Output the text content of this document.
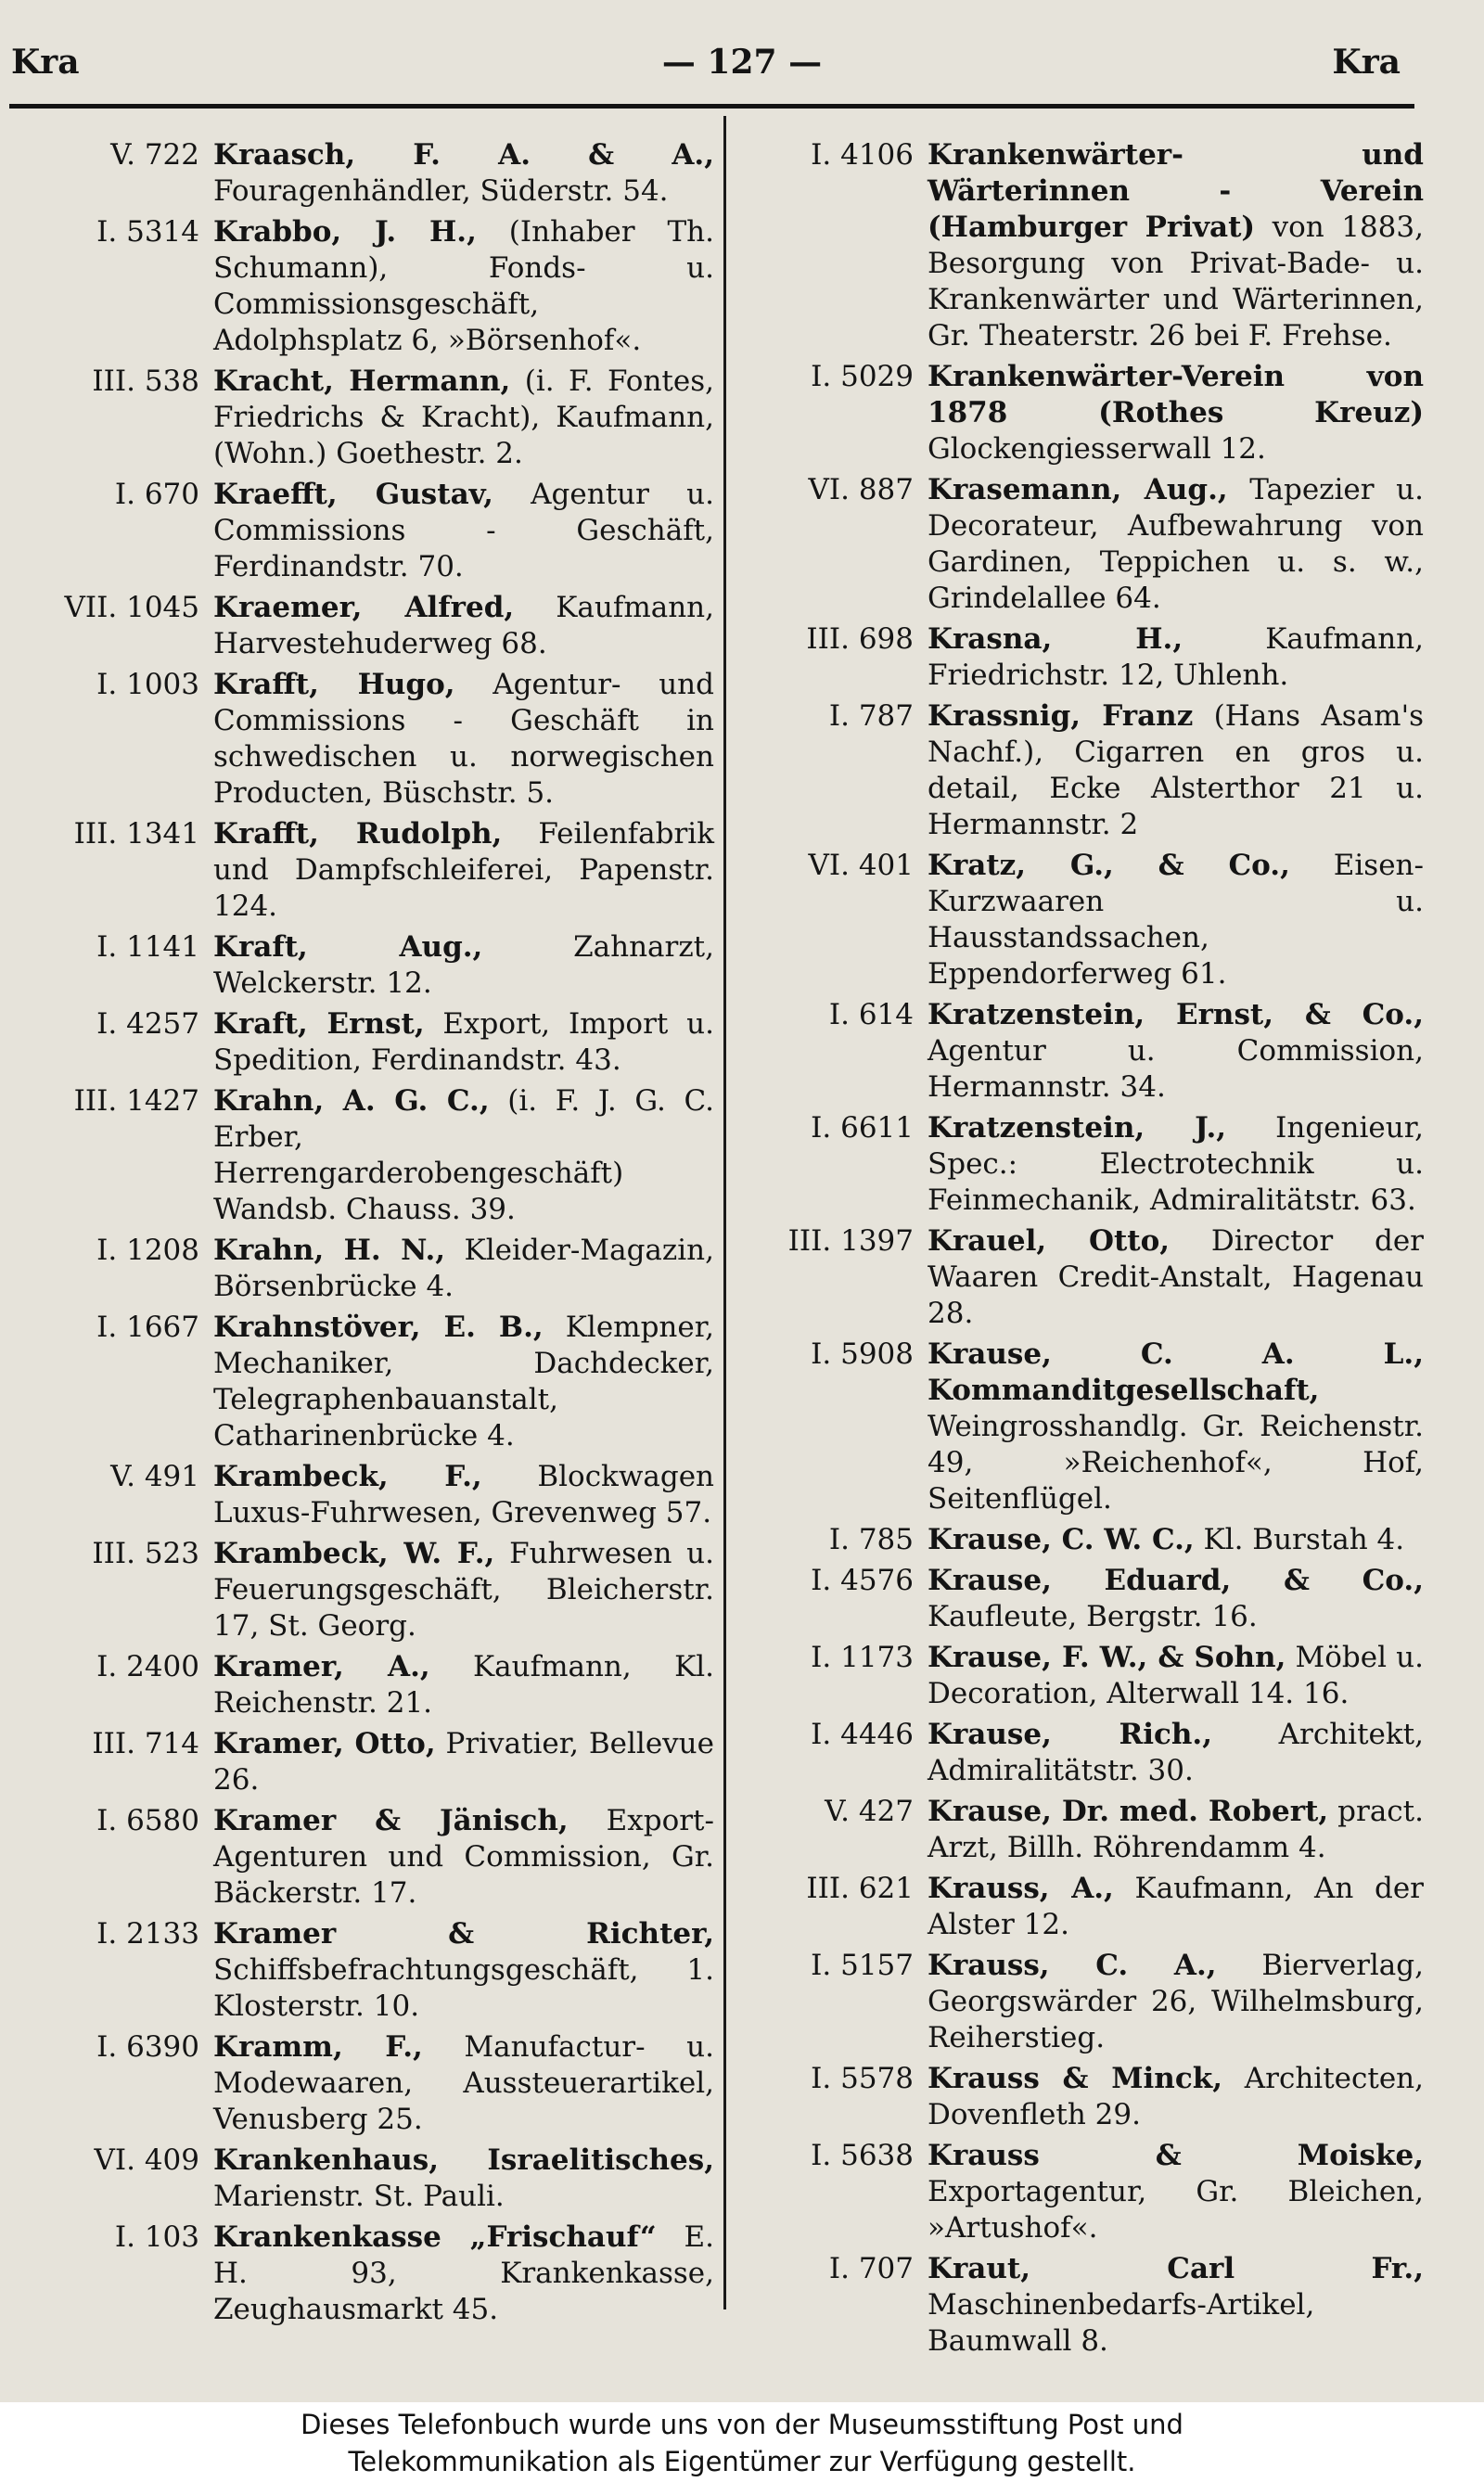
Kra	— 127 —	Kra
V. 722 Kraasch, F. A. & A., Fouragenhändler, Süderstr. 54.
I. 5314 Krabbo, J. H., (Inhaber Th. Schumann), Fonds- u. Commissionsgeschäft, Adolphsplatz 6, »Börsenhof«.
III. 538 Kracht, Hermann, (i. F. Fontes, Friedrichs & Kracht), Kaufmann, (Wohn.) Goethestr. 2.
I. 670 Kraefft, Gustav, Agentur u. Commissions - Geschäft, Ferdinandstr. 70.
VII. 1045 Kraemer, Alfred, Kaufmann, Harvestehuderweg 68.
I. 1003 Krafft, Hugo, Agentur- und Commissions - Geschäft in schwedischen u. norwegischen Producten, Büschstr. 5.
III. 1341 Krafft, Rudolph, Feilenfabrik und Dampfschleiferei, Papenstr. 124.
I. 1141 Kraft, Aug., Zahnarzt, Welckerstr. 12.
I. 4257 Kraft, Ernst, Export, Import u. Spedition, Ferdinandstr. 43.
III. 1427 Krahn, A. G. C., (i. F. J. G. C. Erber, Herrengarderobengeschäft) Wandsb. Chauss. 39.
I. 1208 Krahn, H. N., Kleider-Magazin, Börsenbrücke 4.
I. 1667 Krahnstöver, E. B., Klempner, Mechaniker, Dachdecker, Telegraphenbauanstalt, Catharinenbrücke 4.
V. 491 Krambeck, F., Blockwagen Luxus-Fuhrwesen, Grevenweg 57.
III. 523 Krambeck, W. F., Fuhrwesen u. Feuerungsgeschäft, Bleicherstr. 17, St. Georg.
I. 2400 Kramer, A., Kaufmann, Kl. Reichenstr. 21.
III. 714 Kramer, Otto, Privatier, Bellevue 26.
I. 6580 Kramer & Jänisch, Export-Agenturen und Commission, Gr. Bäckerstr. 17.
I. 2133 Kramer & Richter, Schiffsbefrachtungsgeschäft, 1. Klosterstr. 10.
I. 6390 Kramm, F., Manufactur- u. Modewaaren, Aussteuerartikel, Venusberg 25.
VI. 409 Krankenhaus, Israelitisches, Marienstr. St. Pauli.
I. 103 Krankenkasse „Frischauf“ E. H. 93, Krankenkasse, Zeughausmarkt 45.
I. 4106 Krankenwärter- und Wärterinnen - Verein (Hamburger Privat) von 1883, Besorgung von Privat-Bade- u. Krankenwärter und Wärterinnen, Gr. Theaterstr. 26 bei F. Frehse.
I. 5029 Krankenwärter-Verein von 1878 (Rothes Kreuz) Glockengiesserwall 12.
VI. 887 Krasemann, Aug., Tapezier u. Decorateur, Aufbewahrung von Gardinen, Teppichen u. s. w., Grindelallee 64.
III. 698 Krasna, H., Kaufmann, Friedrichstr. 12, Uhlenh.
I. 787 Krassnig, Franz (Hans Asam's Nachf.), Cigarren en gros u. detail, Ecke Alsterthor 21 u. Hermannstr. 2
VI. 401 Kratz, G., & Co., Eisen-Kurzwaaren u. Hausstandssachen, Eppendorferweg 61.
I. 614 Kratzenstein, Ernst, & Co., Agentur u. Commission, Hermannstr. 34.
I. 6611 Kratzenstein, J., Ingenieur, Spec.: Electrotechnik u. Feinmechanik, Admiralitätstr. 63.
III. 1397 Krauel, Otto, Director der Waaren Credit-Anstalt, Hagenau 28.
I. 5908 Krause, C. A. L., Kommanditgesellschaft, Weingrosshandlg. Gr. Reichenstr. 49, »Reichenhof«, Hof, Seitenflügel.
I. 785 Krause, C. W. C., Kl. Burstah 4.
I. 4576 Krause, Eduard, & Co., Kaufleute, Bergstr. 16.
I. 1173 Krause, F. W., & Sohn, Möbel u. Decoration, Alterwall 14. 16.
I. 4446 Krause, Rich., Architekt, Admiralitätstr. 30.
V. 427 Krause, Dr. med. Robert, pract. Arzt, Billh. Röhrendamm 4.
III. 621 Krauss, A., Kaufmann, An der Alster 12.
I. 5157 Krauss, C. A., Bierverlag, Georgswärder 26, Wilhelmsburg, Reiherstieg.
I. 5578 Krauss & Minck, Architecten, Dovenfleth 29.
I. 5638 Krauss & Moiske, Exportagentur, Gr. Bleichen, »Artushof«.
I. 707 Kraut, Carl Fr., Maschinenbedarfs-Artikel, Baumwall 8.
Dieses Telefonbuch wurde uns von der Museumsstiftung Post und
Telekommunikation als Eigentümer zur Verfügung gestellt.
